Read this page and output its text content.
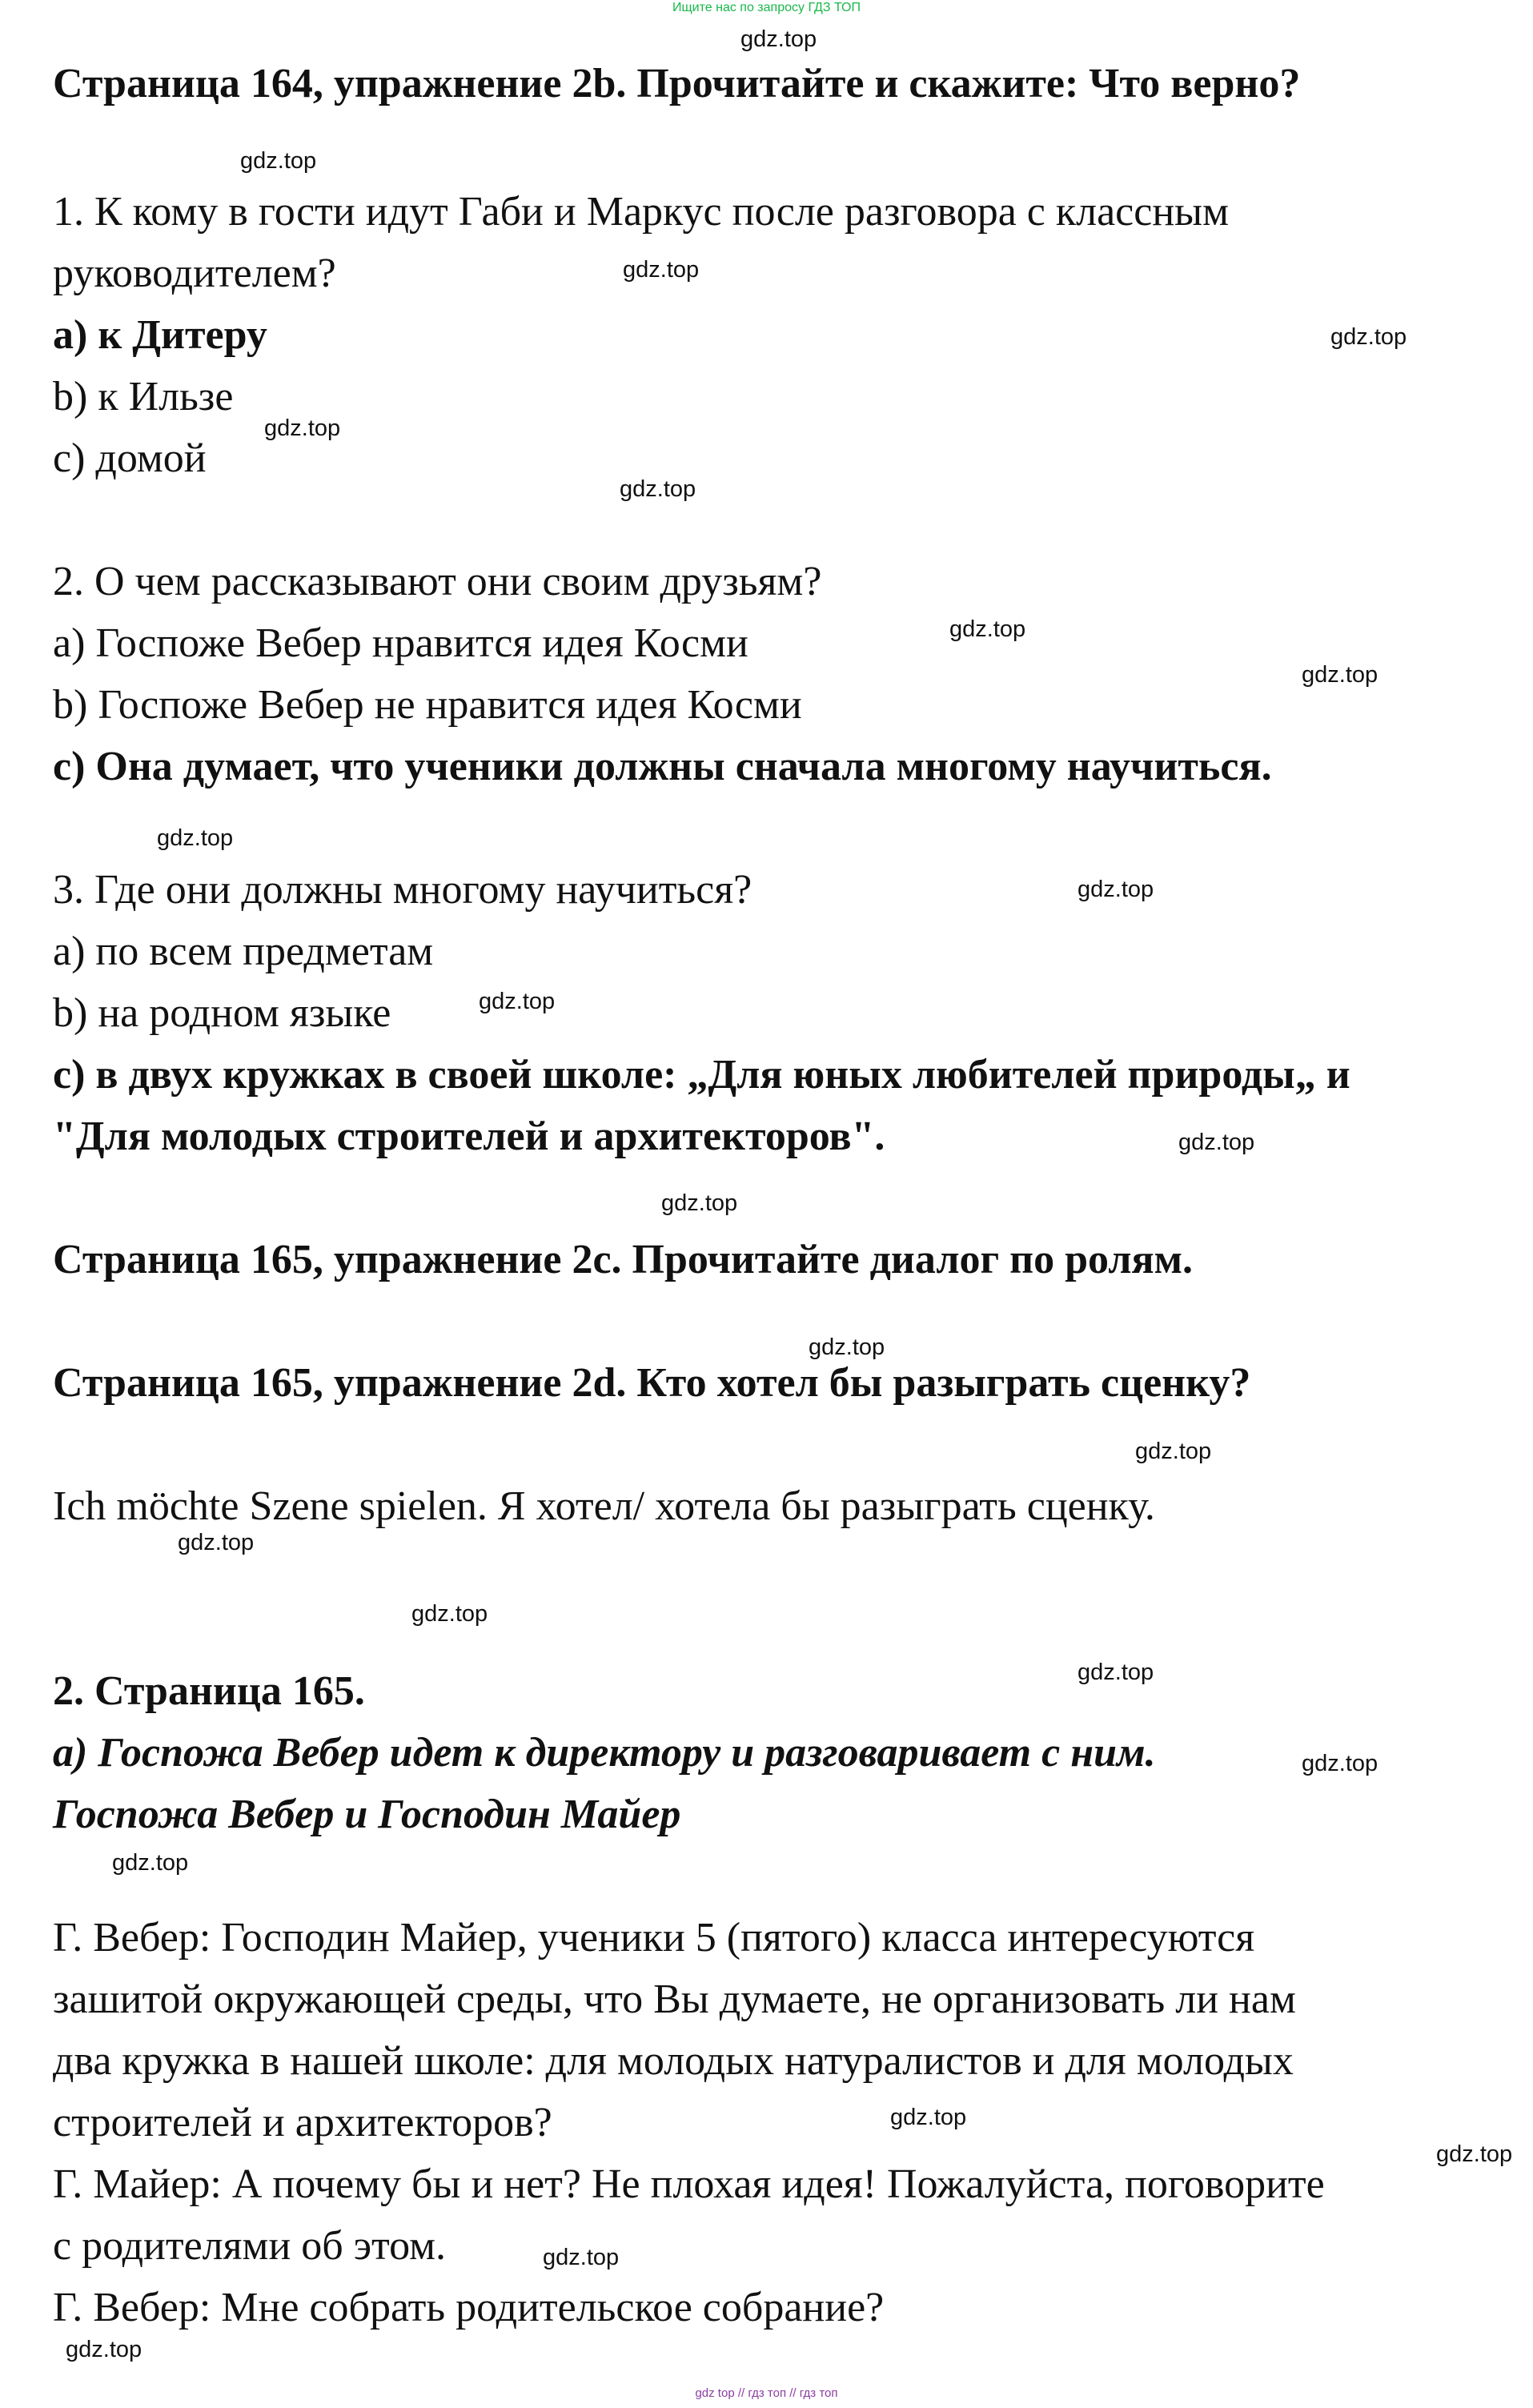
Ищите нас по запросу ГДЗ ТОП
Страница 164, упражнение 2b. Прочитайте и скажите: Что верно?
1. К кому в гости идут Габи и Маркус после разговора с классным
руководителем?
а) к Дитеру
b) к Ильзе
с) домой
2. О чем рассказывают они своим друзьям?
а) Госпоже Вебер нравится идея Косми
b) Госпоже Вебер не нравится идея Косми
с) Она думает, что ученики должны сначала многому научиться.
3. Где они должны многому научиться?
а) по всем предметам
b) на родном языке
c) в двух кружках в своей школе: „Для юных любителей природы„ и
"Для молодых строителей и архитекторов".
Страница 165, упражнение 2c. Прочитайте диалог по ролям.
Страница 165, упражнение 2d. Кто хотел бы разыграть сценку?
Ich möchte Szene spielen. Я хотел/ хотела бы разыграть сценку.
2. Страница 165.
а) Госпожа Вебер идет к директору и разговаривает с ним.
Госпожа Вебер и Господин Майер
Г. Вебер: Господин Майер, ученики 5 (пятого) класса интересуются
зашитой окружающей среды, что Вы думаете, не организовать ли нам
два кружка в нашей школе: для молодых натуралистов и для молодых
строителей и архитекторов?
Г. Майер: А почему бы и нет? Не плохая идея! Пожалуйста, поговорите
с родителями об этом.
Г. Вебер: Мне собрать родительское собрание?
gdz.top
gdz.top
gdz.top
gdz.top
gdz.top
gdz.top
gdz.top
gdz.top
gdz.top
gdz.top
gdz.top
gdz.top
gdz.top
gdz.top
gdz.top
gdz.top
gdz.top
gdz.top
gdz.top
gdz.top
gdz.top
gdz.top
gdz.top
gdz.top
gdz top // гдз топ // гдз топ
